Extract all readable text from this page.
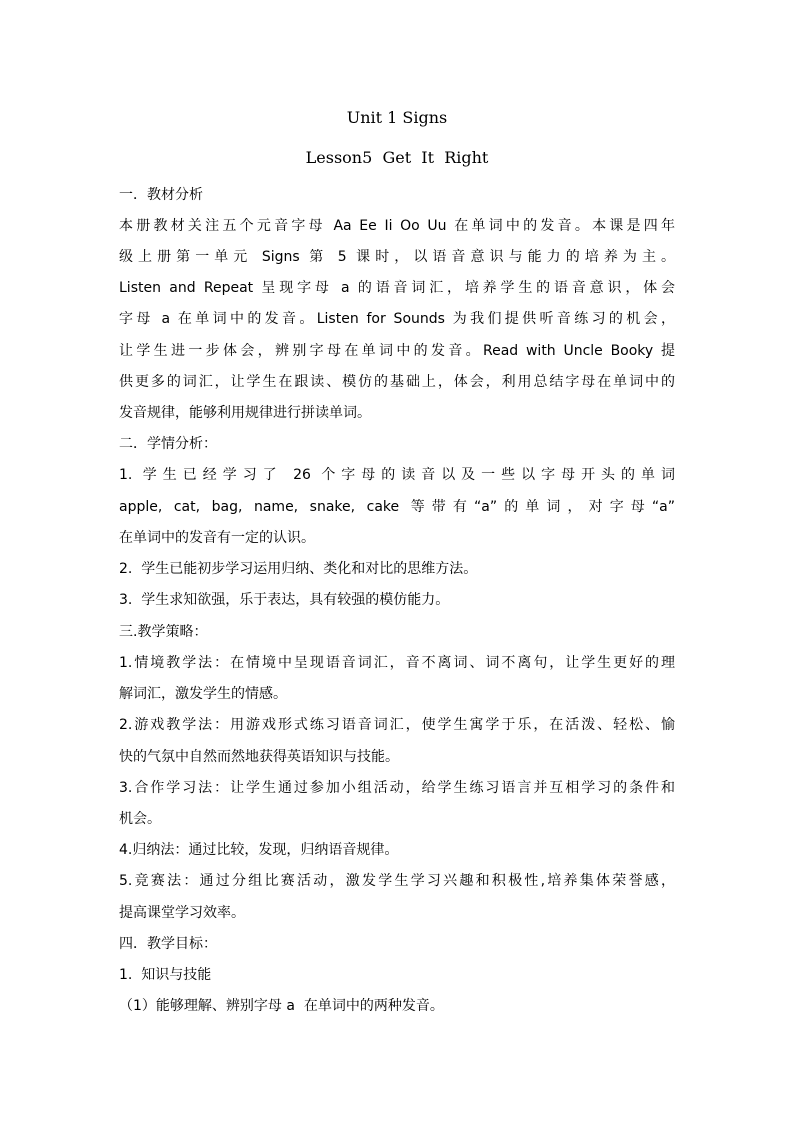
Unit 1 Signs
Lesson5  Get  It  Right
一．教材分析
本册教材关注五个元音字母 Aa Ee Ii Oo Uu 在单词中的发音。本课是四年
级上册第一单元 Signs 第 5 课时，以语音意识与能力的培养为主。
Listen and Repeat 呈现字母 a 的语音词汇，培养学生的语音意识，体会
字母 a 在单词中的发音。Listen for Sounds 为我们提供听音练习的机会，
让学生进一步体会，辨别字母在单词中的发音。Read with Uncle Booky 提
供更多的词汇，让学生在跟读、模仿的基础上，体会，利用总结字母在单词中的
发音规律，能够利用规律进行拼读单词。
二．学情分析：
1. 学生已经学习了 26 个字母的读音以及一些以字母开头的单词
apple, cat, bag, name, snake, cake 等带有“a”的单词，对字母“a”
在单词中的发音有一定的认识。
2.  学生已能初步学习运用归纳、类化和对比的思维方法。
3.  学生求知欲强，乐于表达，具有较强的模仿能力。
三.教学策略：
1.情境教学法：在情境中呈现语音词汇，音不离词、词不离句，让学生更好的理
解词汇，激发学生的情感。
2.游戏教学法：用游戏形式练习语音词汇，使学生寓学于乐，在活泼、轻松、愉
快的气氛中自然而然地获得英语知识与技能。
3.合作学习法：让学生通过参加小组活动，给学生练习语言并互相学习的条件和
机会。
4.归纳法：通过比较，发现，归纳语音规律。
5.竞赛法：通过分组比赛活动，激发学生学习兴趣和积极性,培养集体荣誉感，
提高课堂学习效率。
四．教学目标：
1.  知识与技能
（1）能够理解、辨别字母 a  在单词中的两种发音。
